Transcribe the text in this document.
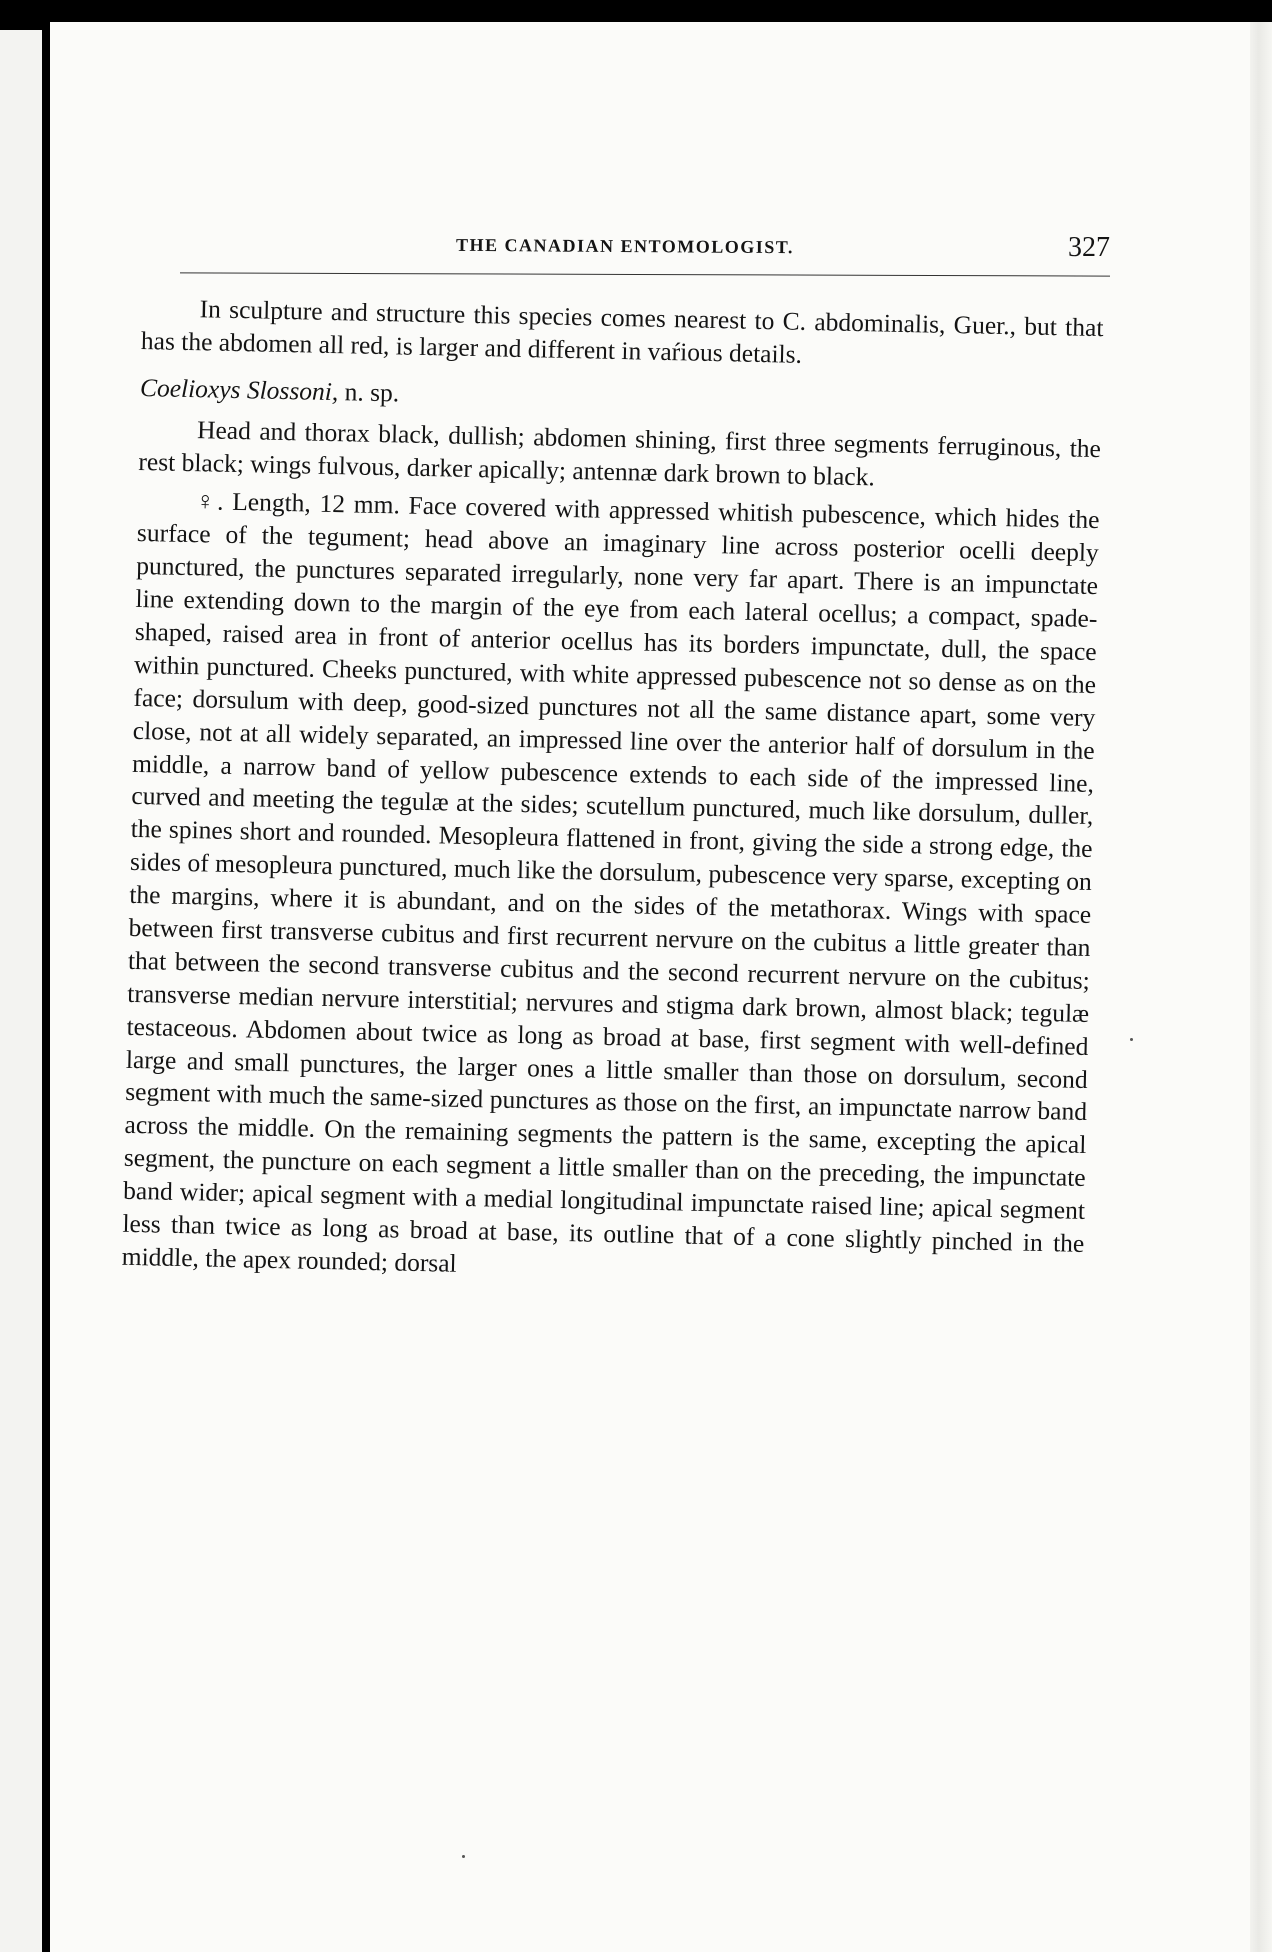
THE CANADIAN ENTOMOLOGIST.	327

In sculpture and structure this species comes nearest to C. abdominalis, Guer., but that has the abdomen all red, is larger and different in vaŕious details.

Coelioxys Slossoni, n. sp.

Head and thorax black, dullish; abdomen shining, first three segments ferruginous, the rest black; wings fulvous, darker apically; antennæ dark brown to black.

♀. Length, 12 mm. Face covered with appressed whitish pubescence, which hides the surface of the tegument; head above an imaginary line across posterior ocelli deeply punctured, the punctures separated irregularly, none very far apart. There is an impunctate line extending down to the margin of the eye from each lateral ocellus; a compact, spade-shaped, raised area in front of anterior ocellus has its borders impunctate, dull, the space within punctured. Cheeks punctured, with white appressed pubescence not so dense as on the face; dorsulum with deep, good-sized punctures not all the same distance apart, some very close, not at all widely separated, an impressed line over the anterior half of dorsulum in the middle, a narrow band of yellow pubescence extends to each side of the impressed line, curved and meeting the tegulæ at the sides; scutellum punctured, much like dorsulum, duller, the spines short and rounded. Mesopleura flattened in front, giving the side a strong edge, the sides of mesopleura punctured, much like the dorsulum, pubescence very sparse, excepting on the margins, where it is abundant, and on the sides of the metathorax. Wings with space between first transverse cubitus and first recurrent nervure on the cubitus a little greater than that between the second transverse cubitus and the second recurrent nervure on the cubitus; transverse median nervure interstitial; nervures and stigma dark brown, almost black; tegulæ testaceous. Abdomen about twice as long as broad at base, first segment with well-defined large and small punctures, the larger ones a little smaller than those on dorsulum, second segment with much the same-sized punctures as those on the first, an impunctate narrow band across the middle. On the remaining segments the pattern is the same, excepting the apical segment, the puncture on each segment a little smaller than on the preceding, the impunctate band wider; apical segment with a medial longitudinal impunctate raised line; apical segment less than twice as long as broad at base, its outline that of a cone slightly pinched in the middle, the apex rounded; dorsal
